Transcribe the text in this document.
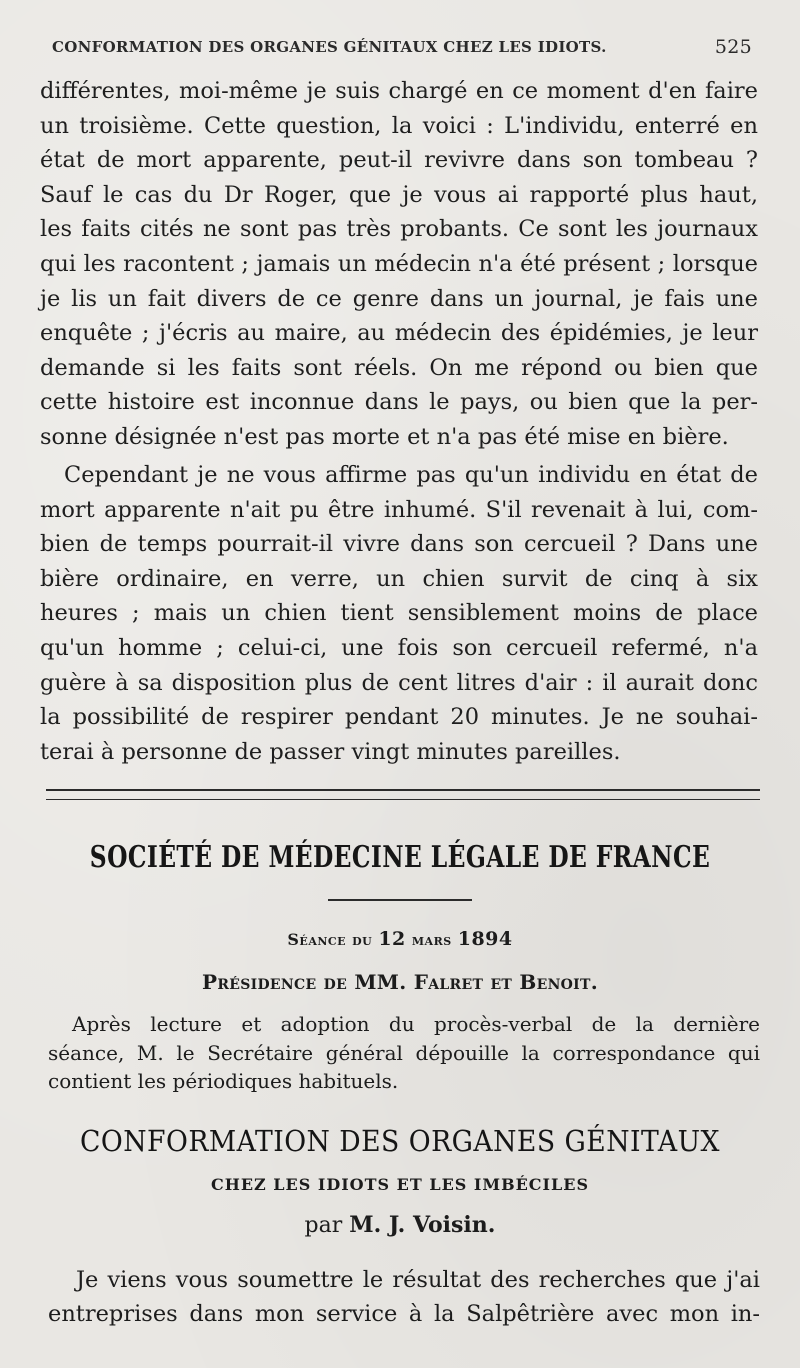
CONFORMATION DES ORGANES GÉNITAUX CHEZ LES IDIOTS.	525
différentes, moi-même je suis chargé en ce moment d'en faire
un troisième. Cette question, la voici : L'individu, enterré en
état de mort apparente, peut-il revivre dans son tombeau ?
Sauf le cas du Dr Roger, que je vous ai rapporté plus haut,
les faits cités ne sont pas très probants. Ce sont les journaux
qui les racontent ; jamais un médecin n'a été présent ; lorsque
je lis un fait divers de ce genre dans un journal, je fais une
enquête ; j'écris au maire, au médecin des épidémies, je leur
demande si les faits sont réels. On me répond ou bien que
cette histoire est inconnue dans le pays, ou bien que la per-
sonne désignée n'est pas morte et n'a pas été mise en bière.
Cependant je ne vous affirme pas qu'un individu en état de
mort apparente n'ait pu être inhumé. S'il revenait à lui, com-
bien de temps pourrait-il vivre dans son cercueil ? Dans une
bière ordinaire, en verre, un chien survit de cinq à six
heures ; mais un chien tient sensiblement moins de place
qu'un homme ; celui-ci, une fois son cercueil refermé, n'a
guère à sa disposition plus de cent litres d'air : il aurait donc
la possibilité de respirer pendant 20 minutes. Je ne souhai-
terai à personne de passer vingt minutes pareilles.
SOCIÉTÉ DE MÉDECINE LÉGALE DE FRANCE
Séance du 12 mars 1894
Présidence de MM. Falret et Benoit.
Après lecture et adoption du procès-verbal de la dernière
séance, M. le Secrétaire général dépouille la correspondance qui
contient les périodiques habituels.
CONFORMATION DES ORGANES GÉNITAUX
CHEZ LES IDIOTS ET LES IMBÉCILES
par M. J. Voisin.
Je viens vous soumettre le résultat des recherches que j'ai
entreprises dans mon service à la Salpêtrière avec mon in-
